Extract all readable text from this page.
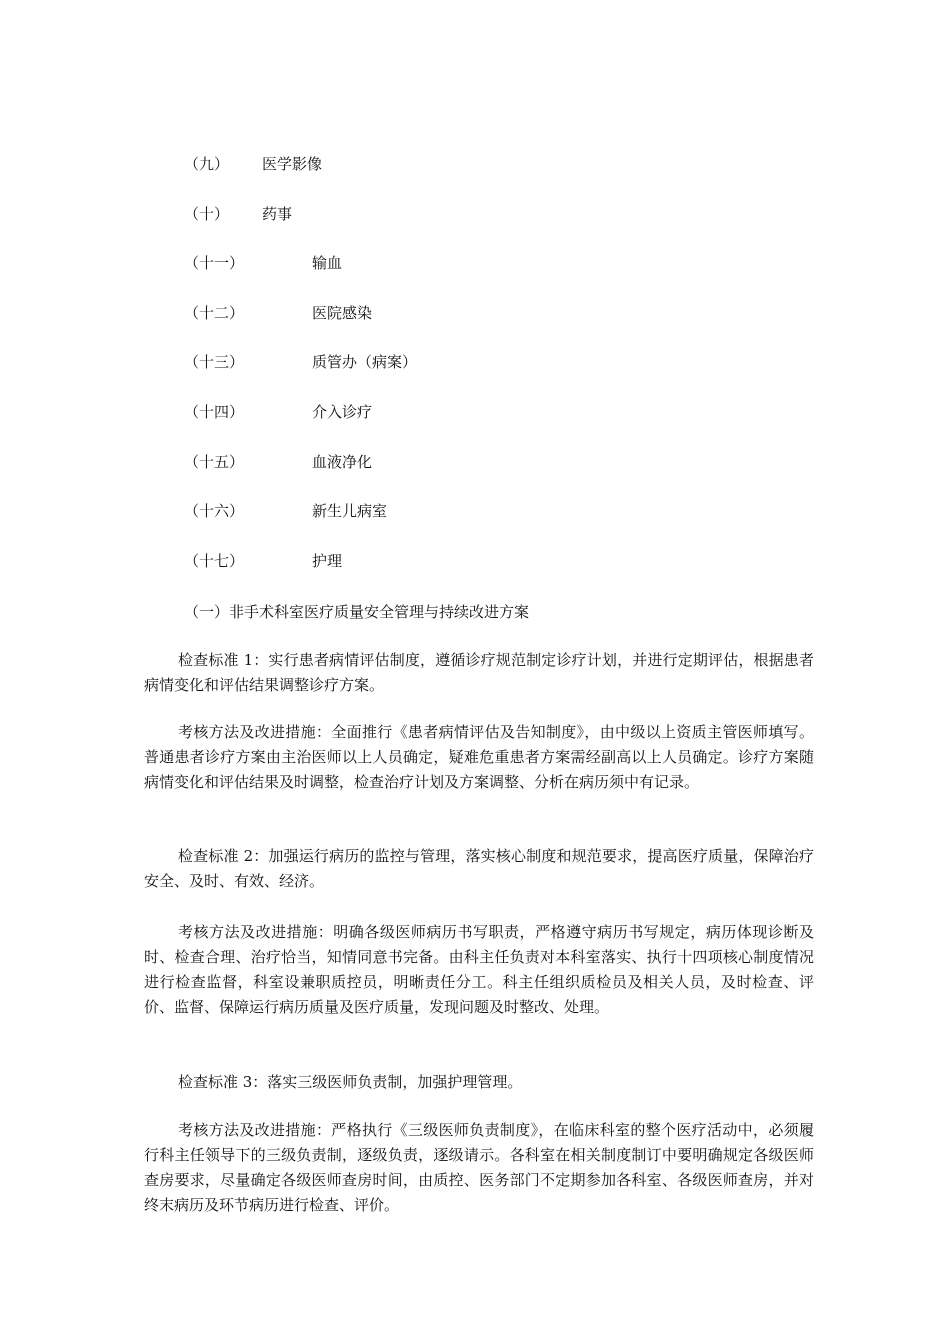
（九） 医学影像
（十） 药事
（十一）	输血
（十二）	医院感染
（十三）	质管办（病案）
（十四）	介入诊疗
（十五）	血液净化
（十六）	新生儿病室
（十七）	护理
（一）非手术科室医疗质量安全管理与持续改进方案

检查标准 1：实行患者病情评估制度，遵循诊疗规范制定诊疗计划，并进行定期评估，根据患者病情变化和评估结果调整诊疗方案。

考核方法及改进措施：全面推行《患者病情评估及告知制度》，由中级以上资质主管医师填写。普通患者诊疗方案由主治医师以上人员确定，疑难危重患者方案需经副高以上人员确定。诊疗方案随病情变化和评估结果及时调整，检查治疗计划及方案调整、分析在病历须中有记录。

检查标准 2：加强运行病历的监控与管理，落实核心制度和规范要求，提高医疗质量，保障治疗安全、及时、有效、经济。

考核方法及改进措施：明确各级医师病历书写职责，严格遵守病历书写规定，病历体现诊断及时、检查合理、治疗恰当，知情同意书完备。由科主任负责对本科室落实、执行十四项核心制度情况进行检查监督，科室设兼职质控员，明晰责任分工。科主任组织质检员及相关人员，及时检查、评价、监督、保障运行病历质量及医疗质量，发现问题及时整改、处理。

检查标准 3：落实三级医师负责制，加强护理管理。

考核方法及改进措施：严格执行《三级医师负责制度》，在临床科室的整个医疗活动中，必须履行科主任领导下的三级负责制，逐级负责，逐级请示。各科室在相关制度制订中要明确规定各级医师查房要求，尽量确定各级医师查房时间，由质控、医务部门不定期参加各科室、各级医师查房，并对终末病历及环节病历进行检查、评价。
